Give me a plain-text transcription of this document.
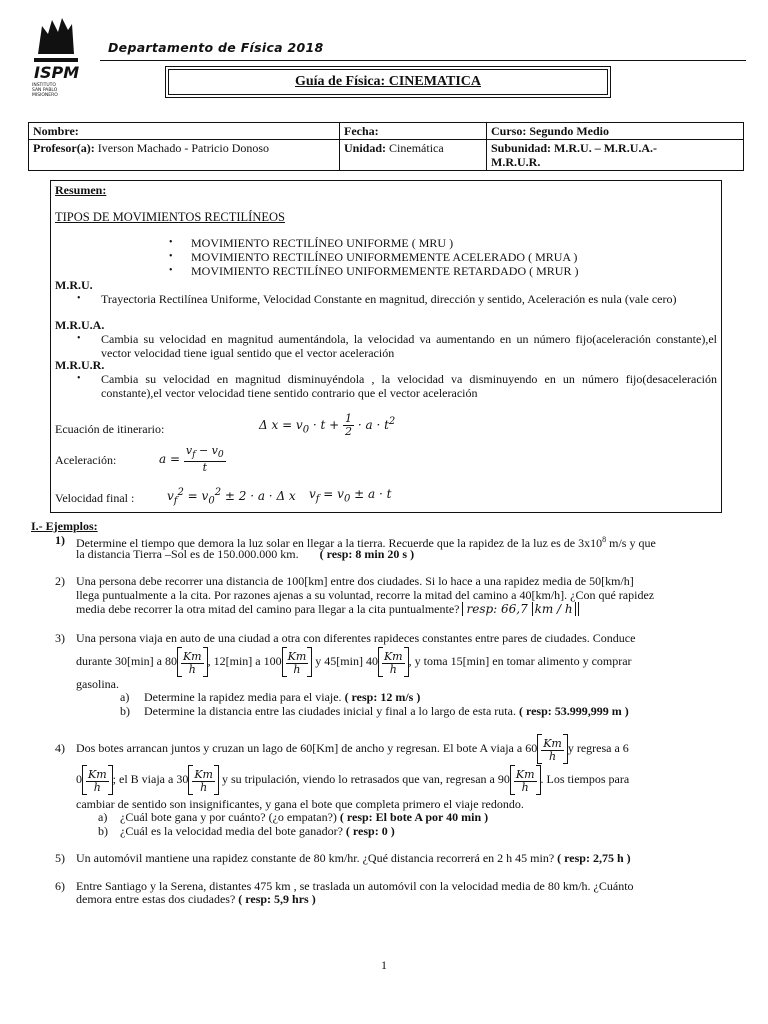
ISPM
INSTITUTO
SAN PABLO
MISIONERO
Departamento de Física 2018
Guía de Física: CINEMATICA
Nombre:	Fecha:	Curso: Segundo Medio
Profesor(a): Iverson Machado - Patricio Donoso	Unidad: Cinemática	Subunidad: M.R.U. – M.R.U.A.-
M.R.U.R.
Resumen:
TIPOS DE MOVIMIENTOS RECTILÍNEOS
• MOVIMIENTO RECTILÍNEO UNIFORME ( MRU )
• MOVIMIENTO RECTILÍNEO UNIFORMEMENTE ACELERADO ( MRUA )
• MOVIMIENTO RECTILÍNEO UNIFORMEMENTE RETARDADO ( MRUR )
M.R.U.
• Trayectoria Rectilínea Uniforme, Velocidad Constante en magnitud, dirección y sentido, Aceleración es nula (vale cero)
M.R.U.A.
• Cambia su velocidad en magnitud aumentándola, la velocidad va aumentando en un número fijo(aceleración constante),el vector velocidad tiene igual sentido que el vector aceleración
M.R.U.R.
• Cambia su velocidad en magnitud disminuyéndola , la velocidad va disminuyendo en un número fijo(desaceleración constante),el vector velocidad tiene sentido contrario que el vector aceleración
Ecuación de itinerario:	Δ $x = v_0 \cdot t + \frac{1}{2} \cdot a \cdot t^2$
Aceleración:	$a = \frac{v_f - v_0}{t}$
Velocidad final :	$v_f^2 = v_0^2 \pm 2 \cdot a \cdot \Delta$ x $v_f = v_0 \pm a \cdot t$
I.- Ejemplos:
1) Determine el tiempo que demora la luz solar en llegar a la tierra. Recuerde que la rapidez de la luz es de $3x10^8$ m/s y que
la distancia Tierra –Sol es de 150.000.000 km. ( resp: 8 min 20 s )
2) Una persona debe recorrer una distancia de 100[km] entre dos ciudades. Si lo hace a una rapidez media de 50[km/h]
llega puntualmente a la cita. Por razones ajenas a su voluntad, recorre la mitad del camino a 40[km/h]. ¿Con qué rapidez
media debe recorrer la otra mitad del camino para llegar a la cita puntualmente? resp: 66,7 km / h
3) Una persona viaja en auto de una ciudad a otra con diferentes rapideces constantes entre pares de ciudades. Conduce
durante 30[min] a $80 \frac{Km}{h}$ , 12[min] a $100 \frac{Km}{h}$ y 45[min] $40 \frac{Km}{h}$ , y toma 15[min] en tomar alimento y comprar
gasolina.
a) Determine la rapidez media para el viaje. ( resp: 12 m/s )
b) Determine la distancia entre las ciudades inicial y final a lo largo de esta ruta. ( resp: 53.999,999 m )
4) Dos botes arrancan juntos y cruzan un lago de 60[Km] de ancho y regresan. El bote A viaja a $60 \frac{Km}{h}$ y regresa a 6
$0 \frac{Km}{h}$ ; el B viaja a $30 \frac{Km}{h}$ y su tripulación, viendo lo retrasados que van, regresan a $90 \frac{Km}{h}$ . Los tiempos para
cambiar de sentido son insignificantes, y gana el bote que completa primero el viaje redondo.
a) ¿Cuál bote gana y por cuánto? (¿o empatan?) ( resp: El bote A por 40 min )
b) ¿Cuál es la velocidad media del bote ganador? ( resp: 0 )
5) Un automóvil mantiene una rapidez constante de 80 km/hr. ¿Qué distancia recorrerá en 2 h 45 min? ( resp: 2,75 h )
6) Entre Santiago y la Serena, distantes 475 km , se traslada un automóvil con la velocidad media de 80 km/h. ¿Cuánto
demora entre estas dos ciudades? ( resp: 5,9 hrs )
1
